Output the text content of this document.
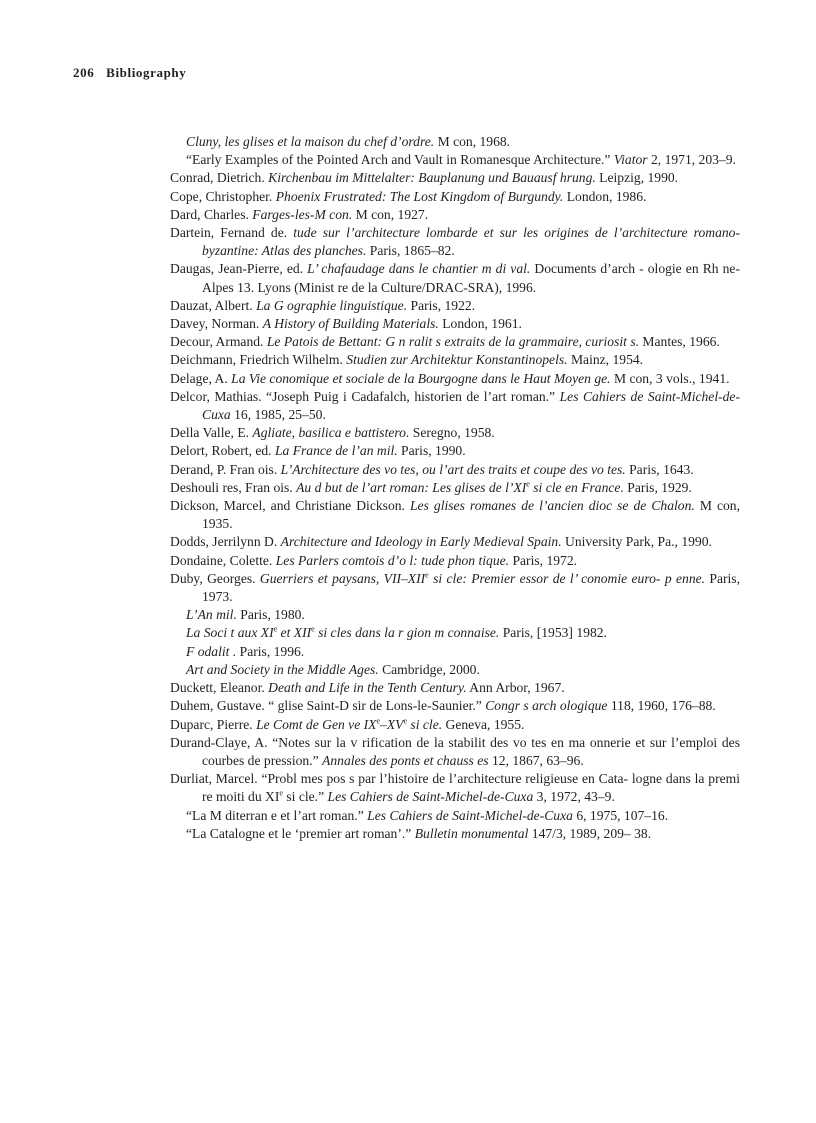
206 Bibliography
Cluny, les glises et la maison du chef d’ordre. M con, 1968.
“Early Examples of the Pointed Arch and Vault in Romanesque Architecture.” Viator 2, 1971, 203–9.
Conrad, Dietrich. Kirchenbau im Mittelalter: Bauplanung und Bauausf hrung. Leipzig, 1990.
Cope, Christopher. Phoenix Frustrated: The Lost Kingdom of Burgundy. London, 1986.
Dard, Charles. Farges-les-M con. M con, 1927.
Dartein, Fernand de. tude sur l’architecture lombarde et sur les origines de l’architecture romano-byzantine: Atlas des planches. Paris, 1865–82.
Daugas, Jean-Pierre, ed. L’ chafaudage dans le chantier m di val. Documents d’arch - ologie en Rh ne-Alpes 13. Lyons (Minist re de la Culture/DRAC-SRA), 1996.
Dauzat, Albert. La G ographie linguistique. Paris, 1922.
Davey, Norman. A History of Building Materials. London, 1961.
Decour, Armand. Le Patois de Bettant: G n ralit s extraits de la grammaire, curiosit s. Mantes, 1966.
Deichmann, Friedrich Wilhelm. Studien zur Architektur Konstantinopels. Mainz, 1954.
Delage, A. La Vie conomique et sociale de la Bourgogne dans le Haut Moyen ge. M con, 3 vols., 1941.
Delcor, Mathias. “Joseph Puig i Cadafalch, historien de l’art roman.” Les Cahiers de Saint-Michel-de-Cuxa 16, 1985, 25–50.
Della Valle, E. Agliate, basilica e battistero. Seregno, 1958.
Delort, Robert, ed. La France de l’an mil. Paris, 1990.
Derand, P. Fran ois. L’Architecture des vo tes, ou l’art des traits et coupe des vo tes. Paris, 1643.
Deshouli res, Fran ois. Au d but de l’art roman: Les glises de l’XIe si cle en France. Paris, 1929.
Dickson, Marcel, and Christiane Dickson. Les glises romanes de l’ancien dioc se de Chalon. M con, 1935.
Dodds, Jerrilynn D. Architecture and Ideology in Early Medieval Spain. University Park, Pa., 1990.
Dondaine, Colette. Les Parlers comtois d’o l: tude phon tique. Paris, 1972.
Duby, Georges. Guerriers et paysans, VII–XIIe si cle: Premier essor de l’ conomie euro- p enne. Paris, 1973.
L’An mil. Paris, 1980.
La Soci t aux XIe et XIIe si cles dans la r gion m connaise. Paris, [1953] 1982.
F odalit . Paris, 1996.
Art and Society in the Middle Ages. Cambridge, 2000.
Duckett, Eleanor. Death and Life in the Tenth Century. Ann Arbor, 1967.
Duhem, Gustave. “ glise Saint-D sir de Lons-le-Saunier.” Congr s arch ologique 118, 1960, 176–88.
Duparc, Pierre. Le Comt de Gen ve IXe–XVe si cle. Geneva, 1955.
Durand-Claye, A. “Notes sur la v rification de la stabilit des vo tes en ma onnerie et sur l’emploi des courbes de pression.” Annales des ponts et chauss es 12, 1867, 63–96.
Durliat, Marcel. “Probl mes pos s par l’histoire de l’architecture religieuse en Cata- logne dans la premi re moiti du XIe si cle.” Les Cahiers de Saint-Michel-de-Cuxa 3, 1972, 43–9.
“La M diterran e et l’art roman.” Les Cahiers de Saint-Michel-de-Cuxa 6, 1975, 107–16.
“La Catalogne et le ‘premier art roman’.” Bulletin monumental 147/3, 1989, 209– 38.
